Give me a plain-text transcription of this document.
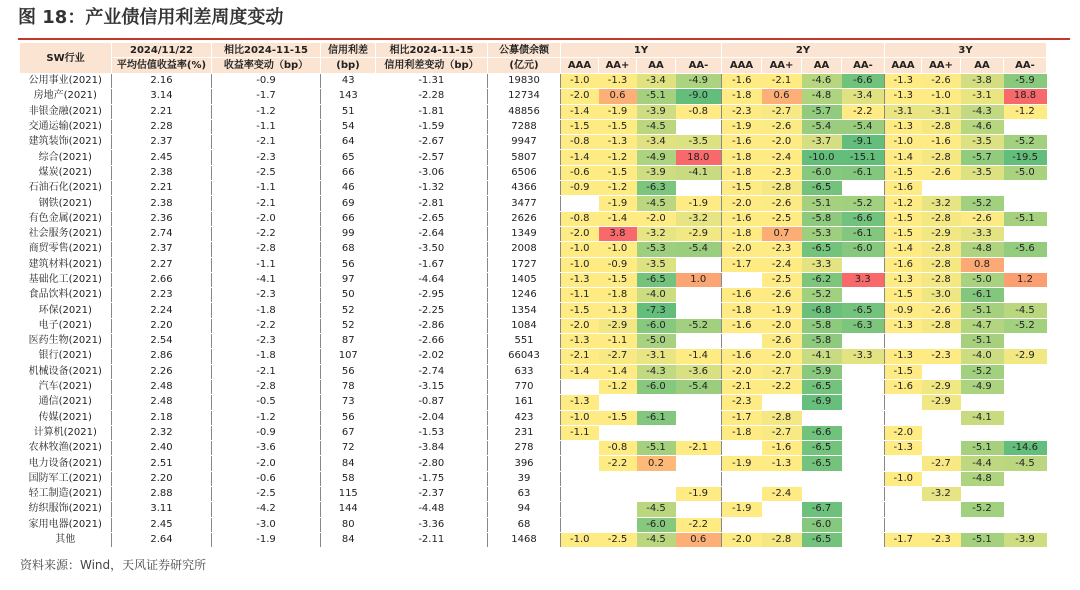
图 18：产业债信用利差周度变动
SW行业	2024/11/22	相比2024-11-15	信用利差	相比2024-11-15	公募债余额	1Y				2Y				3Y			
	平均估值收益率(%)	收益率变动（bp）	(bp)	信用利差变动（bp）	(亿元)	AAA	AA+	AA	AA-	AAA	AA+	AA	AA-	AAA	AA+	AA	AA-

公用事业(2021)	2.16	-0.9	43	-1.31	19830	-1.0	-1.3	-3.4	-4.9	-1.6	-2.1	-4.6	-6.6	-1.3	-2.6	-3.8	-5.9
房地产(2021)	3.14	-1.7	143	-2.28	12734	-2.0	0.6	-5.1	-9.0	-1.8	0.6	-4.8	-3.4	-1.3	-1.0	-3.1	18.8
非银金融(2021)	2.21	-1.2	51	-1.81	48856	-1.4	-1.9	-3.9	-0.8	-2.3	-2.7	-5.7	-2.2	-3.1	-3.1	-4.3	-1.2
交通运输(2021)	2.28	-1.1	54	-1.59	7288	-1.5	-1.5	-4.5		-1.9	-2.6	-5.4	-5.4	-1.3	-2.8	-4.6	
建筑装饰(2021)	2.37	-2.1	64	-2.67	9947	-0.8	-1.3	-3.4	-3.5	-1.6	-2.0	-3.7	-9.1	-1.0	-1.6	-3.5	-5.2
综合(2021)	2.45	-2.3	65	-2.57	5807	-1.4	-1.2	-4.9	18.0	-1.8	-2.4	-10.0	-15.1	-1.4	-2.8	-5.7	-19.5
煤炭(2021)	2.38	-2.5	66	-3.06	6506	-0.6	-1.5	-3.9	-4.1	-1.8	-2.3	-6.0	-6.1	-1.5	-2.6	-3.5	-5.0
石油石化(2021)	2.21	-1.1	46	-1.32	4366	-0.9	-1.2	-6.3		-1.5	-2.8	-6.5		-1.6			
钢铁(2021)	2.38	-2.1	69	-2.81	3477		-1.9	-4.5	-1.9	-2.0	-2.6	-5.1	-5.2	-1.2	-3.2	-5.2	
有色金属(2021)	2.36	-2.0	66	-2.65	2626	-0.8	-1.4	-2.0	-3.2	-1.6	-2.5	-5.8	-6.6	-1.5	-2.8	-2.6	-5.1
社会服务(2021)	2.74	-2.2	99	-2.64	1349	-2.0	3.8	-3.2	-2.9	-1.8	0.7	-5.3	-6.1	-1.5	-2.9	-3.3	
商贸零售(2021)	2.37	-2.8	68	-3.50	2008	-1.0	-1.0	-5.3	-5.4	-2.0	-2.3	-6.5	-6.0	-1.4	-2.8	-4.8	-5.6
建筑材料(2021)	2.27	-1.1	56	-1.67	1727	-1.0	-0.9	-3.5		-1.7	-2.4	-3.3		-1.6	-2.8	0.8	
基础化工(2021)	2.66	-4.1	97	-4.64	1405	-1.3	-1.5	-6.5	1.0		-2.5	-6.2	3.3	-1.3	-2.8	-5.0	1.2
食品饮料(2021)	2.23	-2.3	50	-2.95	1246	-1.1	-1.8	-4.0		-1.6	-2.6	-5.2		-1.5	-3.0	-6.1	
环保(2021)	2.24	-1.8	52	-2.25	1354	-1.5	-1.3	-7.3		-1.8	-1.9	-6.8	-6.5	-0.9	-2.6	-5.1	-4.5
电子(2021)	2.20	-2.2	52	-2.86	1084	-2.0	-2.9	-6.0	-5.2	-1.6	-2.0	-5.8	-6.3	-1.3	-2.8	-4.7	-5.2
医药生物(2021)	2.54	-2.3	87	-2.66	551	-1.3	-1.1	-5.0			-2.6	-5.8				-5.1	
银行(2021)	2.86	-1.8	107	-2.02	66043	-2.1	-2.7	-3.1	-1.4	-1.6	-2.0	-4.1	-3.3	-1.3	-2.3	-4.0	-2.9
机械设备(2021)	2.26	-2.1	56	-2.74	633	-1.4	-1.4	-4.3	-3.6	-2.0	-2.7	-5.9		-1.5		-5.2	
汽车(2021)	2.48	-2.8	78	-3.15	770		-1.2	-6.0	-5.4	-2.1	-2.2	-6.5		-1.6	-2.9	-4.9	
通信(2021)	2.48	-0.5	73	-0.87	161	-1.3				-2.3		-6.9			-2.9		
传媒(2021)	2.18	-1.2	56	-2.04	423	-1.0	-1.5	-6.1		-1.7	-2.8					-4.1	
计算机(2021)	2.32	-0.9	67	-1.53	231	-1.1				-1.8	-2.7	-6.6		-2.0			
农林牧渔(2021)	2.40	-3.6	72	-3.84	278		-0.8	-5.1	-2.1		-1.6	-6.5		-1.3		-5.1	-14.6
电力设备(2021)	2.51	-2.0	84	-2.80	396		-2.2	0.2		-1.9	-1.3	-6.5			-2.7	-4.4	-4.5
国防军工(2021)	2.20	-0.6	58	-1.75	39									-1.0		-4.8	
轻工制造(2021)	2.88	-2.5	115	-2.37	63				-1.9		-2.4				-3.2		
纺织服饰(2021)	3.11	-4.2	144	-4.48	94			-4.5		-1.9		-6.7				-5.2	
家用电器(2021)	2.45	-3.0	80	-3.36	68			-6.0	-2.2			-6.0					
其他	2.64	-1.9	84	-2.11	1468	-1.0	-2.5	-4.5	0.6	-2.0	-2.8	-6.5		-1.7	-2.3	-5.1	-3.9
资料来源：Wind，天风证券研究所
